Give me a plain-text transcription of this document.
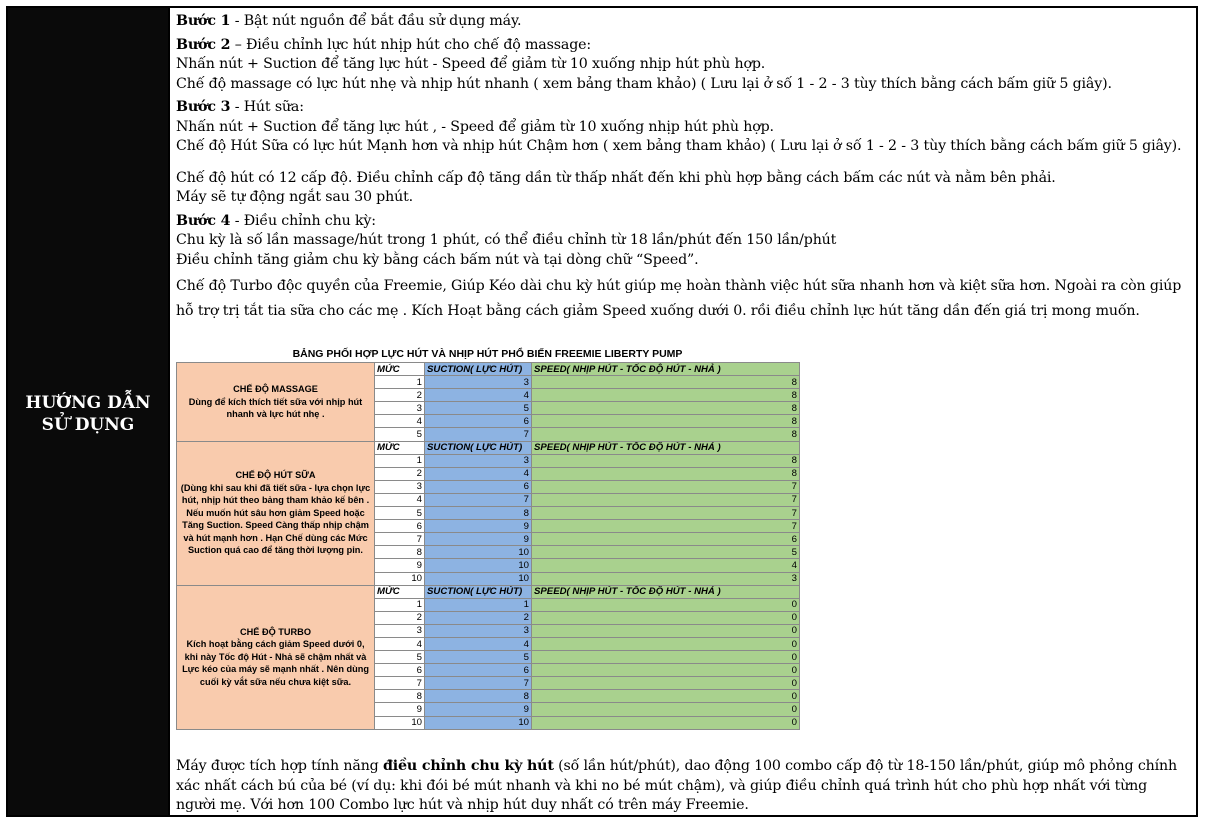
HƯỚNG DẪN
SỬ DỤNG

Bước 1 - Bật nút nguồn để bắt đầu sử dụng máy.

Bước 2 – Điều chỉnh lực hút nhịp hút cho chế độ massage:

Nhấn nút + Suction để tăng lực hút - Speed để giảm từ 10 xuống nhịp hút phù hợp.

Chế độ massage có lực hút nhẹ và nhịp hút nhanh ( xem bảng tham khảo) ( Lưu lại ở số 1 - 2 - 3 tùy thích bằng cách bấm giữ 5 giây).

Bước 3 - Hút sữa:

Nhấn nút + Suction để tăng lực hút , - Speed để giảm từ 10 xuống nhịp hút phù hợp.

Chế độ Hút Sữa có lực hút Mạnh hơn và nhịp hút Chậm hơn ( xem bảng tham khảo) ( Lưu lại ở số 1 - 2 - 3 tùy thích bằng cách bấm giữ 5 giây).

Chế độ hút có 12 cấp độ. Điều chỉnh cấp độ tăng dần từ thấp nhất đến khi phù hợp bằng cách bấm các nút và nằm bên phải.

Máy sẽ tự động ngắt sau 30 phút.

Bước 4 - Điều chỉnh chu kỳ:

Chu kỳ là số lần massage/hút trong 1 phút, có thể điều chỉnh từ 18 lần/phút đến 150 lần/phút

Điều chỉnh tăng giảm chu kỳ bằng cách bấm nút và tại dòng chữ “Speed”.

Chế độ Turbo độc quyền của Freemie, Giúp Kéo dài chu kỳ hút giúp mẹ hoàn thành việc hút sữa nhanh hơn và kiệt sữa hơn. Ngoài ra còn giúp

hỗ trợ trị tắt tia sữa cho các mẹ . Kích Hoạt bằng cách giảm Speed xuống dưới 0. rồi điều chỉnh lực hút tăng dần đến giá trị mong muốn.

BẢNG PHỐI HỢP LỰC HÚT VÀ NHỊP HÚT PHỔ BIẾN FREEMIE LIBERTY PUMP
CHẾ ĐỘ MASSAGE
Dùng để kích thích tiết sữa với nhịp hút nhanh và lực hút nhẹ .	MỨC	SUCTION( LỰC HÚT)	SPEED( NHỊP HÚT - TỐC ĐỘ HÚT - NHẢ )
	1	3	8
	2	4	8
	3	5	8
	4	6	8
	5	7	8

CHẾ ĐỘ HÚT SỮA
(Dùng khi sau khi đã tiết sữa - lựa chọn lực hút, nhịp hút theo bảng tham khảo kế bên . Nếu muốn hút sâu hơn giảm Speed hoặc Tăng Suction. Speed Càng thấp nhịp chậm và hút mạnh hơn . Hạn Chế dùng các Mức Suction quá cao để tăng thời lượng pin.	MỨC	SUCTION( LỰC HÚT)	SPEED( NHỊP HÚT - TỐC ĐỘ HÚT - NHẢ )
	1	3	8
	2	4	8
	3	6	7
	4	7	7
	5	8	7
	6	9	7
	7	9	6
	8	10	5
	9	10	4
	10	10	3

CHẾ ĐỘ TURBO
Kích hoạt bằng cách giảm Speed dưới 0, khi này Tốc độ Hút - Nhả sẽ chậm nhất và Lực kéo của máy sẽ mạnh nhất . Nên dùng cuối kỳ vắt sữa nếu chưa kiệt sữa.	MỨC	SUCTION( LỰC HÚT)	SPEED( NHỊP HÚT - TỐC ĐỘ HÚT - NHẢ )
	1	1	0
	2	2	0
	3	3	0
	4	4	0
	5	5	0
	6	6	0
	7	7	0
	8	8	0
	9	9	0
	10	10	0

Máy được tích hợp tính năng điều chỉnh chu kỳ hút (số lần hút/phút), dao động 100 combo cấp độ từ 18-150 lần/phút, giúp mô phỏng chính

xác nhất cách bú của bé (ví dụ: khi đói bé mút nhanh và khi no bé mút chậm), và giúp điều chỉnh quá trình hút cho phù hợp nhất với từng

người mẹ. Với hơn 100 Combo lực hút và nhịp hút duy nhất có trên máy Freemie.
